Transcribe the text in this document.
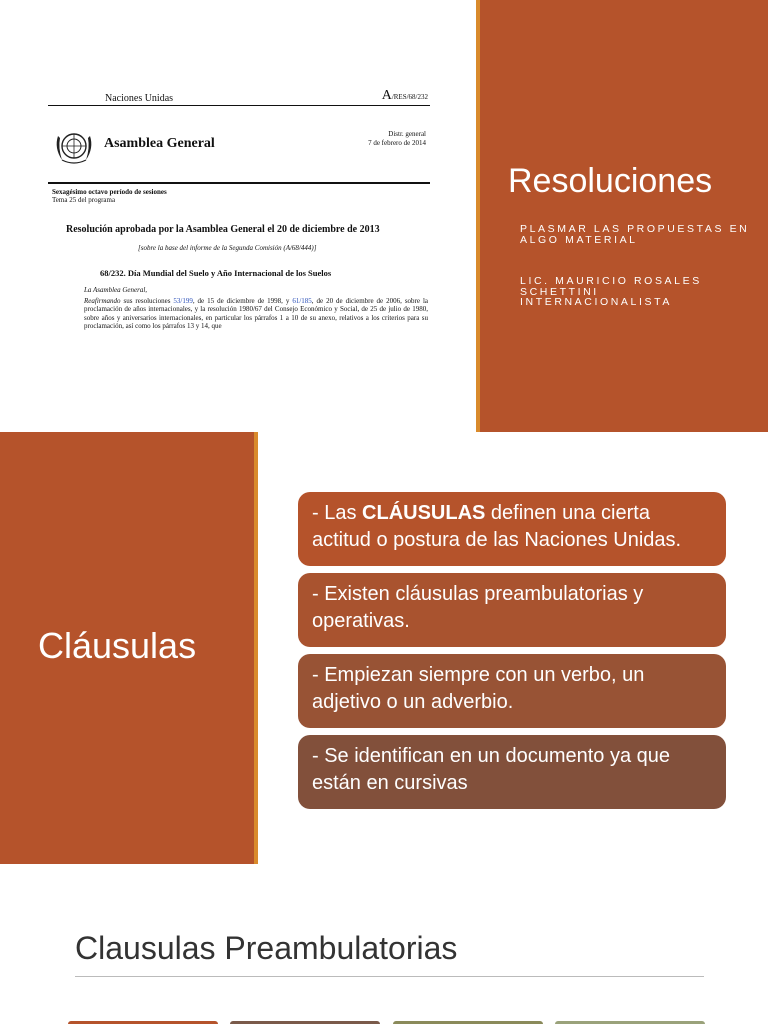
Naciones Unidas	A/RES/68/232
Asamblea General
Distr. general
7 de febrero de 2014
Sexagésimo octavo período de sesiones
Tema 25 del programa
Resolución aprobada por la Asamblea General el 20 de diciembre de 2013
[sobre la base del informe de la Segunda Comisión (A/68/444)]
68/232. Día Mundial del Suelo y Año Internacional de los Suelos
La Asamblea General,
Reafirmando sus resoluciones 53/199, de 15 de diciembre de 1998, y 61/185, de 20 de diciembre de 2006, sobre la proclamación de años internacionales, y la resolución 1980/67 del Consejo Económico y Social, de 25 de julio de 1980, sobre años y aniversarios internacionales, en particular los párrafos 1 a 10 de su anexo, relativos a los criterios para su proclamación, así como los párrafos 13 y 14, que
Resoluciones
PLASMAR LAS PROPUESTAS EN ALGO MATERIAL
LIC. MAURICIO ROSALES SCHETTINI
INTERNACIONALISTA
Cláusulas
- Las CLÁUSULAS definen una cierta actitud o postura de las Naciones Unidas.
- Existen cláusulas preambulatorias y operativas.
- Empiezan siempre con un verbo, un adjetivo o un adverbio.
- Se identifican en un documento ya que están en cursivas
Clausulas Preambulatorias
